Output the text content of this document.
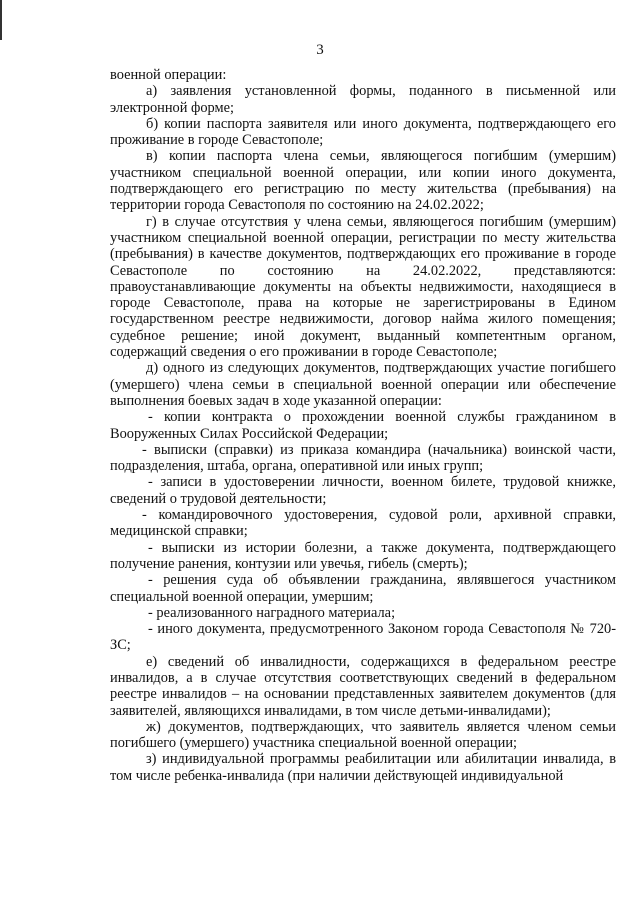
3

военной операции:

а) заявления установленной формы, поданного в письменной или электронной форме;

б) копии паспорта заявителя или иного документа, подтверждающего его проживание в городе Севастополе;

в) копии паспорта члена семьи, являющегося погибшим (умершим) участником специальной военной операции, или копии иного документа, подтверждающего его регистрацию по месту жительства (пребывания) на территории города Севастополя по состоянию на 24.02.2022;

г) в случае отсутствия у члена семьи, являющегося погибшим (умершим) участником специальной военной операции, регистрации по месту жительства (пребывания) в качестве документов, подтверждающих его проживание в городе Севастополе по состоянию на 24.02.2022, представляются: правоустанавливающие документы на объекты недвижимости, находящиеся в городе Севастополе, права на которые не зарегистрированы в Едином государственном реестре недвижимости, договор найма жилого помещения; судебное решение; иной документ, выданный компетентным органом, содержащий сведения о его проживании в городе Севастополе;

д) одного из следующих документов, подтверждающих участие погибшего (умершего) члена семьи в специальной военной операции или обеспечение выполнения боевых задач в ходе указанной операции:

- копии контракта о прохождении военной службы гражданином в Вооруженных Силах Российской Федерации;

- выписки (справки) из приказа командира (начальника) воинской части, подразделения, штаба, органа, оперативной или иных групп;

- записи в удостоверении личности, военном билете, трудовой книжке, сведений о трудовой деятельности;

- командировочного удостоверения, судовой роли, архивной справки, медицинской справки;

- выписки из истории болезни, а также документа, подтверждающего получение ранения, контузии или увечья, гибель (смерть);

- решения суда об объявлении гражданина, являвшегося участником специальной военной операции, умершим;

- реализованного наградного материала;

- иного документа, предусмотренного Законом города Севастополя № 720-ЗС;

е) сведений об инвалидности, содержащихся в федеральном реестре инвалидов, а в случае отсутствия соответствующих сведений в федеральном реестре инвалидов – на основании представленных заявителем документов (для заявителей, являющихся инвалидами, в том числе детьми-инвалидами);

ж) документов, подтверждающих, что заявитель является членом семьи погибшего (умершего) участника специальной военной операции;

з) индивидуальной программы реабилитации или абилитации инвалида, в том числе ребенка-инвалида (при наличии действующей индивидуальной
